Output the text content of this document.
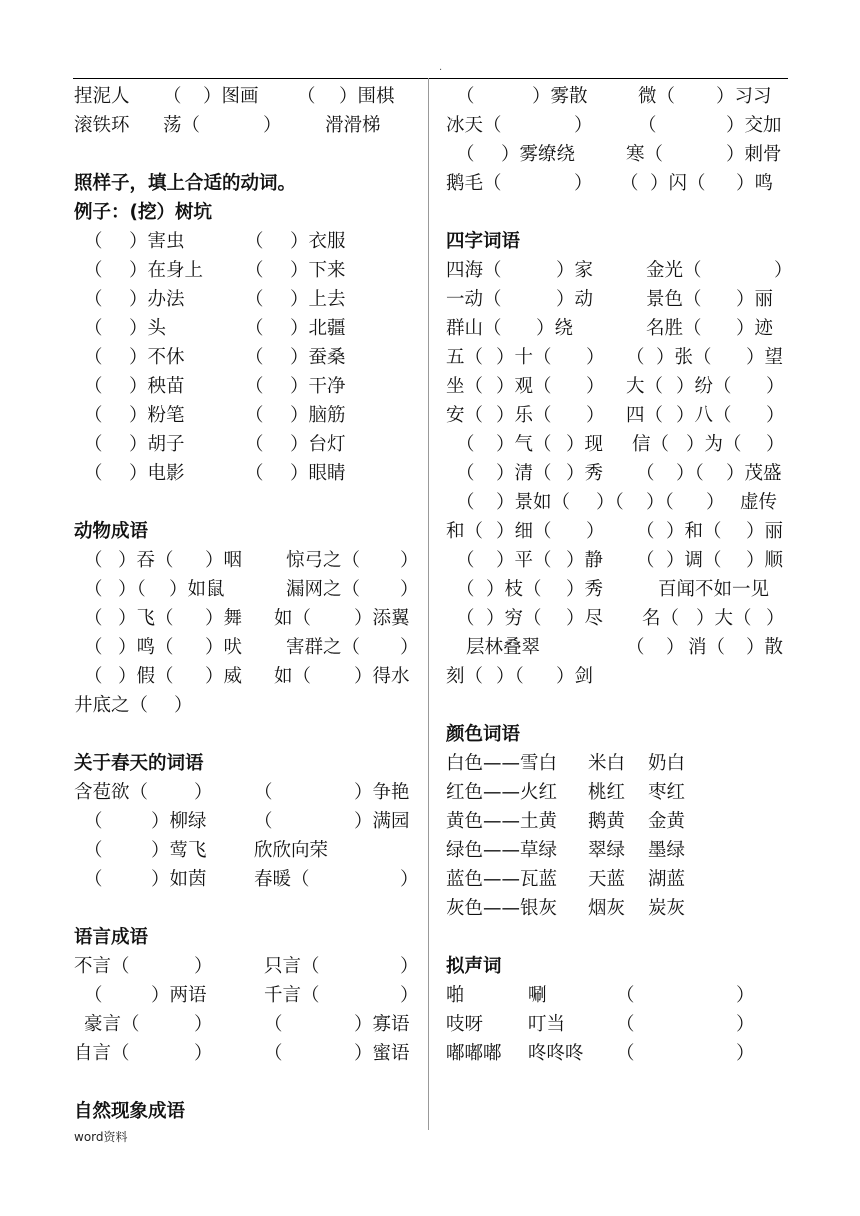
.
捏泥人 （ ）图画 （ ）围棋
滚铁环 荡（	） 滑滑梯
照样子，填上合适的动词。
例子：(挖）树坑
（ ）害虫	（ ）衣服
（ ）在身上 （ ）下来
（ ）办法	（ ）上去
（ ）头	（ ）北疆
（ ）不休	（ ）蚕桑
（ ）秧苗	（ ）干净
（ ）粉笔	（ ）脑筋
（ ）胡子	（ ）台灯
（ ）电影	（ ）眼睛
动物成语
（ ）吞（ ）咽 惊弓之（ ）
（ ）（ ）如鼠	漏网之（ ）
（ ）飞（ ）舞 如（ ）添翼
（ ）鸣（ ）吠 害群之（ ）
（ ）假（ ）威 如（ ）得水
井底之（ ）
关于春天的词语
含苞欲（ ） （	）争艳
（	）柳绿	（	）满园
（	）莺飞	欣欣向荣
（	）如茵	春暖（	）
语言成语
不言（	）	只言（	）
（	）两语	千言（	）
豪言（	）	（	）寡语
自言（	）	（	）蜜语
自然现象成语
（	）雾散	微（ ）习习
冰天（	） （	）交加
（ ）雾缭绕	寒（	）刺骨
鹅毛（	） （ ）闪（ ）鸣
四字词语
四海（	）家	金光（	）
一动（	）动	景色（ ）丽
群山（ ）绕	名胜（ ）迹
五（ ）十（ ） （ ）张（ ）望
坐（ ）观（ ） 大（ ）纷（ ）
安（ ）乐（ ） 四（ ）八（ ）
（ ）气（ ）现 信（ ）为（ ）
（ ）清（ ）秀 （ ）（ ）茂盛
（ ）景如（ ）（ ）（ ） 虚传
和（ ）细（ ） （ ）和（ ）丽
（ ）平（ ）静 （ ）调（ ）顺
（ ）枝（ ）秀	百闻不如一见
（ ）穷（ ）尽 名（ ）大（ ）
层林叠翠	（ ） 消（ ）散
刻（ ）（ ）剑
颜色词语
白色——雪白 米白 奶白
红色——火红 桃红 枣红
黄色——土黄 鹅黄 金黄
绿色——草绿 翠绿 墨绿
蓝色——瓦蓝 天蓝 湖蓝
灰色——银灰 烟灰 炭灰
拟声词
啪	唰	（	）
吱呀 叮当	（	）
嘟嘟嘟 咚咚咚 （	）
word资料
